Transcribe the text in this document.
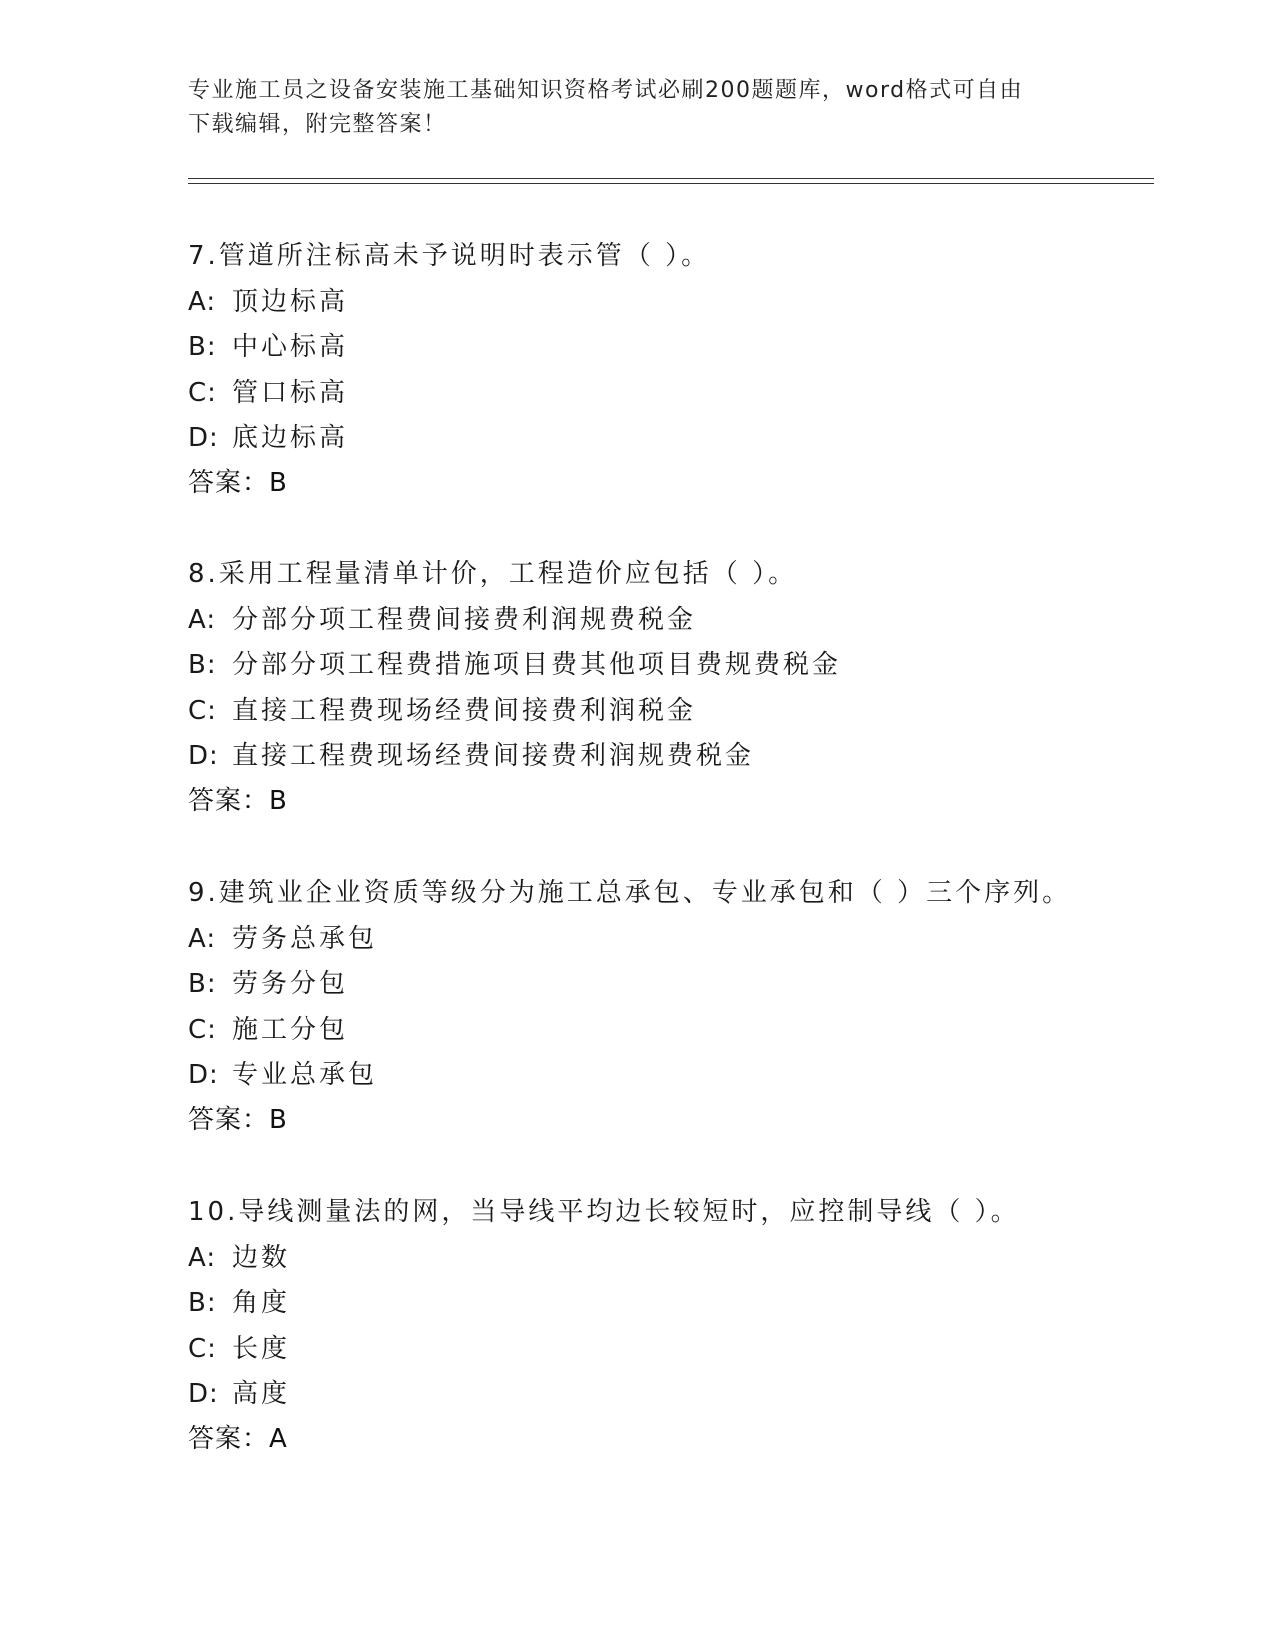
专业施工员之设备安装施工基础知识资格考试必刷200题题库，word格式可自由
下载编辑，附完整答案！
7.管道所注标高未予说明时表示管（ ）。
A: 顶边标高
B: 中心标高
C: 管口标高
D: 底边标高
答案：B
8.采用工程量清单计价，工程造价应包括（ ）。
A: 分部分项工程费间接费利润规费税金
B: 分部分项工程费措施项目费其他项目费规费税金
C: 直接工程费现场经费间接费利润税金
D: 直接工程费现场经费间接费利润规费税金
答案：B
9.建筑业企业资质等级分为施工总承包、专业承包和（ ）三个序列。
A: 劳务总承包
B: 劳务分包
C: 施工分包
D: 专业总承包
答案：B
10.导线测量法的网，当导线平均边长较短时，应控制导线（ ）。
A: 边数
B: 角度
C: 长度
D: 高度
答案：A
